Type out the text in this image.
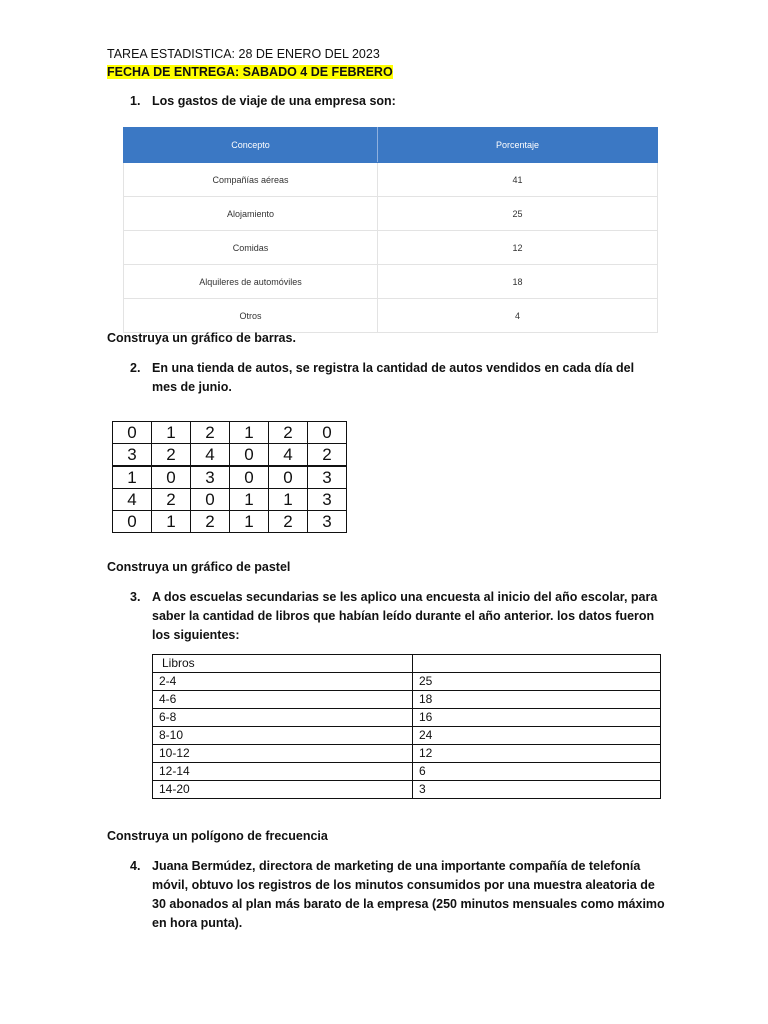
TAREA ESTADISTICA: 28 DE ENERO DEL 2023
FECHA DE ENTREGA: SABADO 4 DE FEBRERO
1. Los gastos de viaje de una empresa son:
Concepto	Porcentaje
Compañías aéreas	41
Alojamiento	25
Comidas	12
Alquileres de automóviles	18
Otros	4
Construya un gráfico de barras.
2. En una tienda de autos, se registra la cantidad de autos vendidos en cada día del mes de junio.
0	1	2	1	2	0
3	2	4	0	4	2
1	0	3	0	0	3
4	2	0	1	1	3
0	1	2	1	2	3
Construya un gráfico de pastel
3. A dos escuelas secundarias se les aplico una encuesta al inicio del año escolar, para saber la cantidad de libros que habían leído durante el año anterior. los datos fueron los siguientes:
Libros	
2-4	25
4-6	18
6-8	16
8-10	24
10-12	12
12-14	6
14-20	3
Construya un polígono de frecuencia
4. Juana Bermúdez, directora de marketing de una importante compañía de telefonía móvil, obtuvo los registros de los minutos consumidos por una muestra aleatoria de 30 abonados al plan más barato de la empresa (250 minutos mensuales como máximo en hora punta).
